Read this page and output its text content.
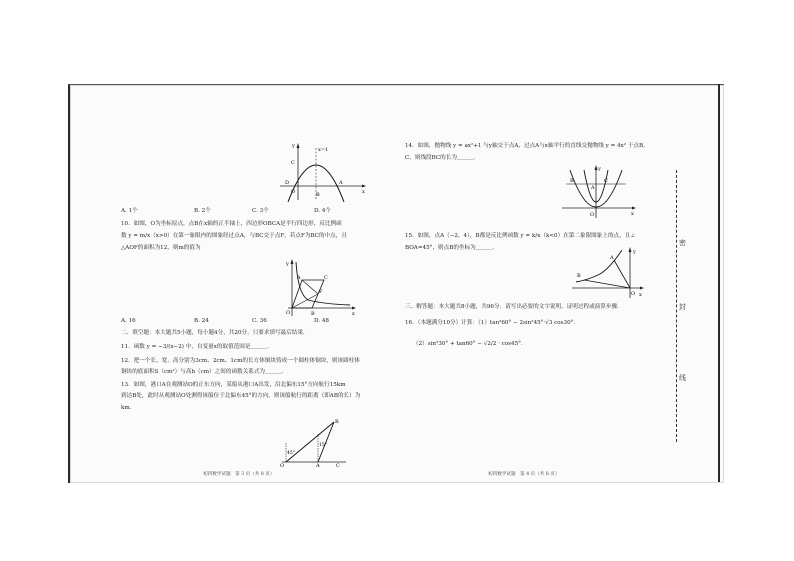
x=1
y
x
C
O
D	A
B
A. 1个	B. 2个	C. 3个	D. 4个
10．如图，O为坐标原点，点B在x轴的正半轴上，四边形OBCA是平行四边形，反比例函
数 y = m/x（x>0）在第一象限内的图象经过点A，与BC交于点F，若点F为BC的中点，且
△AOF的面积为12，则m的值为
y
A	C
F
O	B	x
A. 16	B. 24	C. 36	D. 48
二、填空题：本大题共5小题，每小题4分，共20分，只要求填写最后结果．
11．函数 y = −3/(x−2) 中，自变量x的取值范围是＿＿＿．
12．把一个长、宽、高分别为3cm、2cm、1cm的长方体铜块铸成一个圆柱体铜块，则该圆柱体
铜块的底面积S（cm²）与高h（cm）之间的函数关系式为＿＿＿．
13．如图，港口A在观测站O的正东方向，某船从港口A出发，沿北偏东15°方向航行15km
到达B处，此时从观测站O处测得该船位于北偏东45°的方向，则该船航行的距离（即AB的长）为
km.
B
15°
45°
O	A	C
初四数学试题　第 3 页（共 8 页）
14．如图，抛物线 y = ax²+1 与y轴交于点A，过点A与x轴平行的直线交抛物线 y = 4x² 于点B,
C，则线段BC的长为＿＿＿．
B	C
A
O	x
y
15．如图，点A（−2，4），B都是反比例函数 y = k/x（k<0）在第二象限图象上的点，且∠
BOA=45°，则点B的坐标为＿＿＿．
y
A
B
O x
三、解答题：本大题共8小题，共96分．请写出必要的文字说明、证明过程或演算步骤．
16．（本题满分10分）计算：（1）tan²60° − 2sin²45°·√3 cos30°．
（2）sin²30° + tan60° − √2/2 · cos45°．
初四数学试题　第 4 页（共 8 页）
密
封
线
